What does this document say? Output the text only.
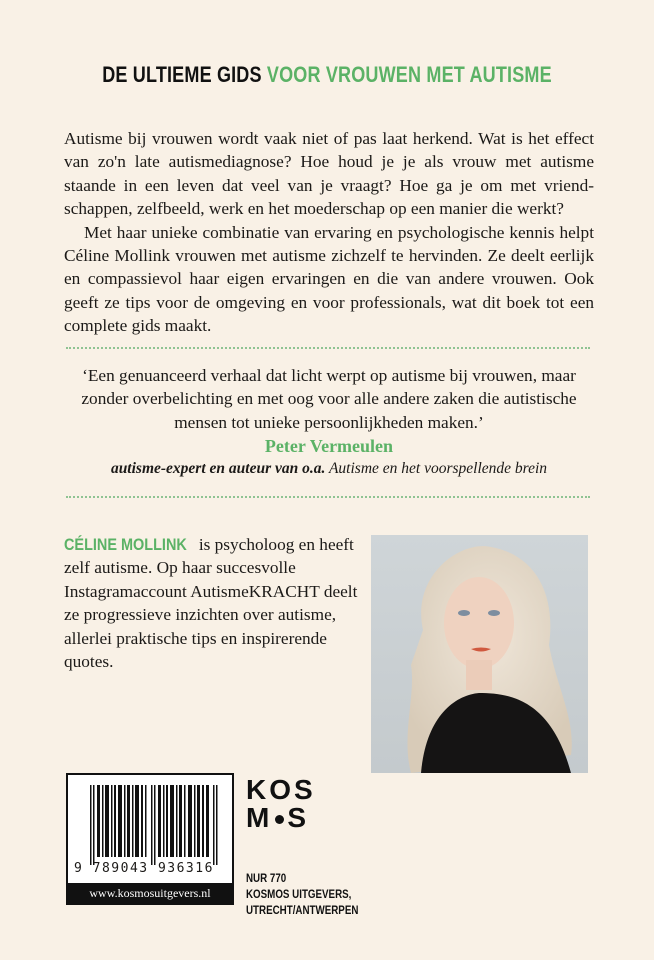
DE ULTIEME GIDS VOOR VROUWEN MET AUTISME

Autisme bij vrouwen wordt vaak niet of pas laat herkend. Wat is het effect van zo'n late autismediagnose? Hoe houd je je als vrouw met autisme staande in een leven dat veel van je vraagt? Hoe ga je om met vriendschappen, zelfbeeld, werk en het moederschap op een manier die werkt?

Met haar unieke combinatie van ervaring en psychologische kennis helpt Céline Mollink vrouwen met autisme zichzelf te hervinden. Ze deelt eerlijk en compassievol haar eigen ervaringen en die van andere vrouwen. Ook geeft ze tips voor de omgeving en voor professionals, wat dit boek tot een complete gids maakt.

‘Een genuanceerd verhaal dat licht werpt op autisme bij vrouwen, maar zonder overbelichting en met oog voor alle andere zaken die autistische mensen tot unieke persoonlijkheden maken.’
Peter Vermeulen
autisme-expert en auteur van o.a. Autisme en het voorspellende brein
CÉLINE MOLLINK is psycholoog en heeft zelf autisme. Op haar succesvolle Instagramaccount AutismeKRACHT deelt ze progressieve inzichten over autisme, allerlei praktische tips en inspirerende quotes.
9 789043 936316
www.kosmosuitgevers.nl
KOS
M S
NUR 770
KOSMOS UITGEVERS,
UTRECHT/ANTWERPEN
